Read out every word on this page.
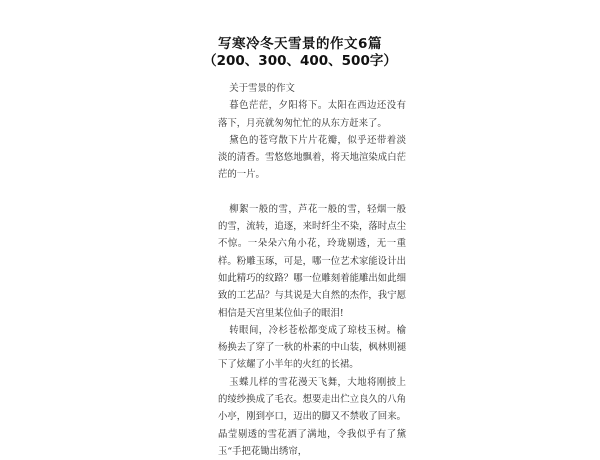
写寒冷冬天雪景的作文6篇
（200、300、400、500字）

关于雪景的作文

暮色茫茫，夕阳将下。太阳在西边还没有落下，月亮就匆匆忙忙的从东方赶来了。

黛色的苍穹散下片片花瓣，似乎还带着淡淡的清香。雪悠悠地飘着，将天地渲染成白茫茫的一片。

柳絮一般的雪，芦花一般的雪，轻烟一般的雪，流转，追逐，来时纤尘不染，落时点尘不惊。一朵朵六角小花，玲珑剔透，无一重样。粉雕玉琢，可是，哪一位艺术家能设计出如此精巧的纹路？哪一位雕刻着能雕出如此细致的工艺品？与其说是大自然的杰作，我宁愿相信是天宫里某位仙子的眼泪!

转眼间，冷杉苍松都变成了琼枝玉树。榆杨换去了穿了一秋的朴素的中山装，枫林则褪下了炫耀了小半年的火红的长裙。

玉蝶儿样的雪花漫天飞舞，大地将刚披上的绫纱换成了毛衣。想要走出伫立良久的八角小亭，刚到亭口，迈出的脚又不禁收了回来。晶莹剔透的雪花洒了满地，令我似乎有了黛玉“手把花锄出绣帘，
